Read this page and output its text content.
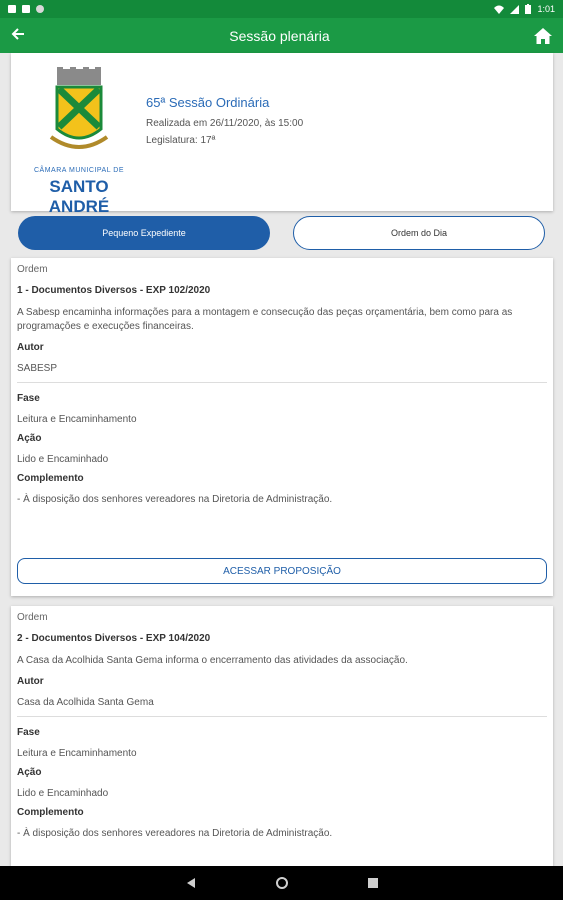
1:01
Sessão plenária
CÂMARA MUNICIPAL DE
SANTO ANDRÉ
65ª Sessão Ordinária
Realizada em 26/11/2020, às 15:00
Legislatura: 17ª
Pequeno Expediente	Ordem do Dia
Ordem
1 - Documentos Diversos - EXP 102/2020
A Sabesp encaminha informações para a montagem e consecução das peças orçamentária, bem como para as programações e execuções financeiras.
Autor
SABESP
Fase
Leitura e Encaminhamento
Ação
Lido e Encaminhado
Complemento
- À disposição dos senhores vereadores na Diretoria de Administração.
ACESSAR PROPOSIÇÃO
Ordem
2 - Documentos Diversos - EXP 104/2020
A Casa da Acolhida Santa Gema informa o encerramento das atividades da associação.
Autor
Casa da Acolhida Santa Gema
Fase
Leitura e Encaminhamento
Ação
Lido e Encaminhado
Complemento
- À disposição dos senhores vereadores na Diretoria de Administração.
